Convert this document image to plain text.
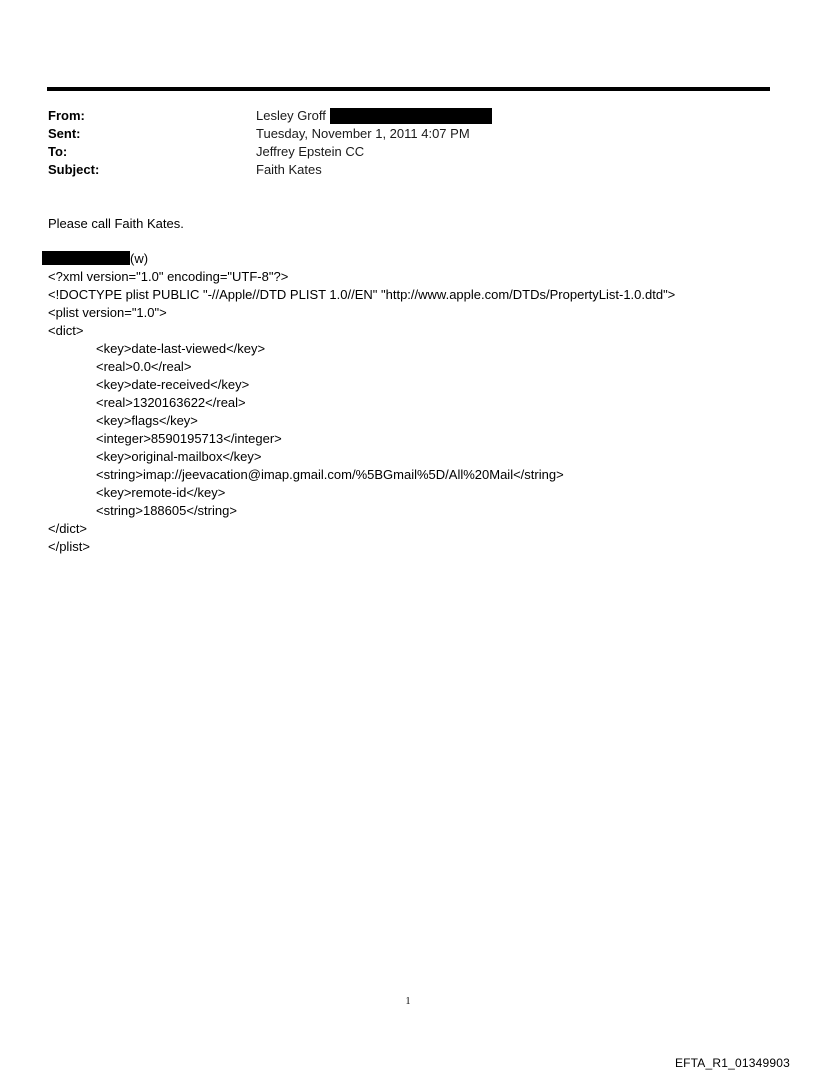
From:	Lesley Groff
Sent:	Tuesday, November 1, 2011 4:07 PM
To:	Jeffrey Epstein CC
Subject:	Faith Kates
Please call Faith Kates.
(w)
<?xml version="1.0" encoding="UTF-8"?>
<!DOCTYPE plist PUBLIC "-//Apple//DTD PLIST 1.0//EN" "http://www.apple.com/DTDs/PropertyList-1.0.dtd">
<plist version="1.0">
<dict>
<key>date-last-viewed</key>
<real>0.0</real>
<key>date-received</key>
<real>1320163622</real>
<key>flags</key>
<integer>8590195713</integer>
<key>original-mailbox</key>
<string>imap://jeevacation@imap.gmail.com/%5BGmail%5D/All%20Mail</string>
<key>remote-id</key>
<string>188605</string>
</dict>
</plist>
1
EFTA_R1_01349903
